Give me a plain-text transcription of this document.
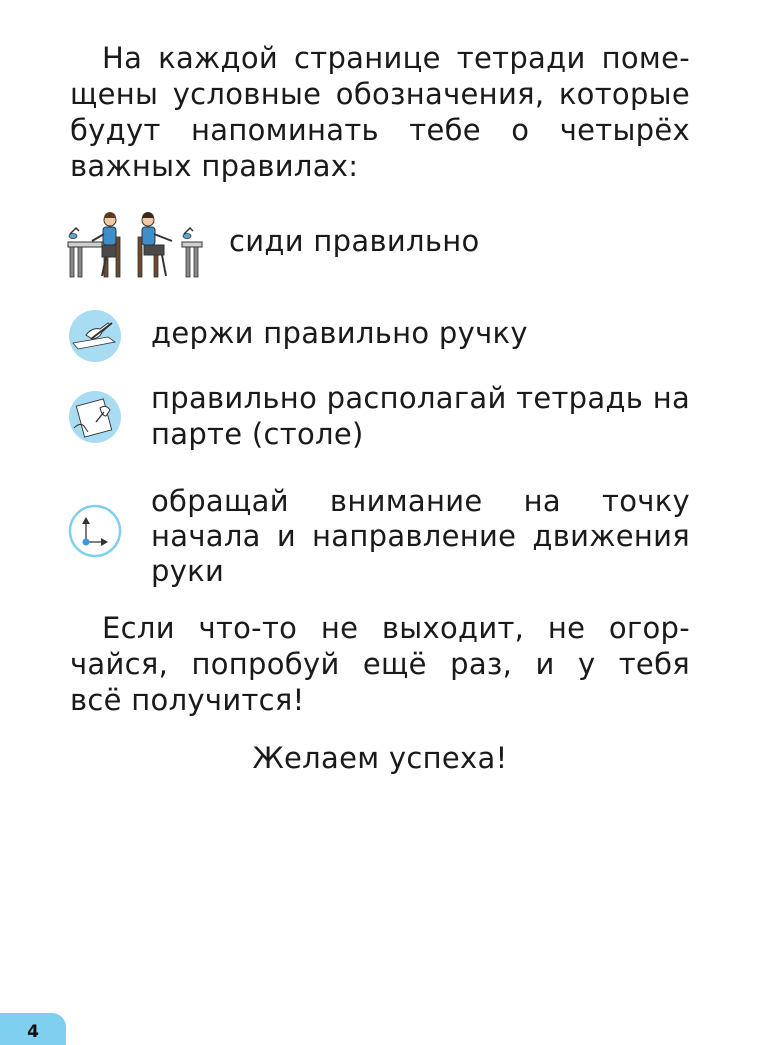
На каждой странице тетради поме-
щены условные обозначения, которые
будут напоминать тебе о четырёх
важных правилах:
сиди правильно
держи правильно ручку
правильно располагай тетрадь на
парте (столе)
обращай внимание на точку
начала и направление движения
руки
Если что-то не выходит, не огор-
чайся, попробуй ещё раз, и у тебя
всё получится!
Желаем успеха!
4
